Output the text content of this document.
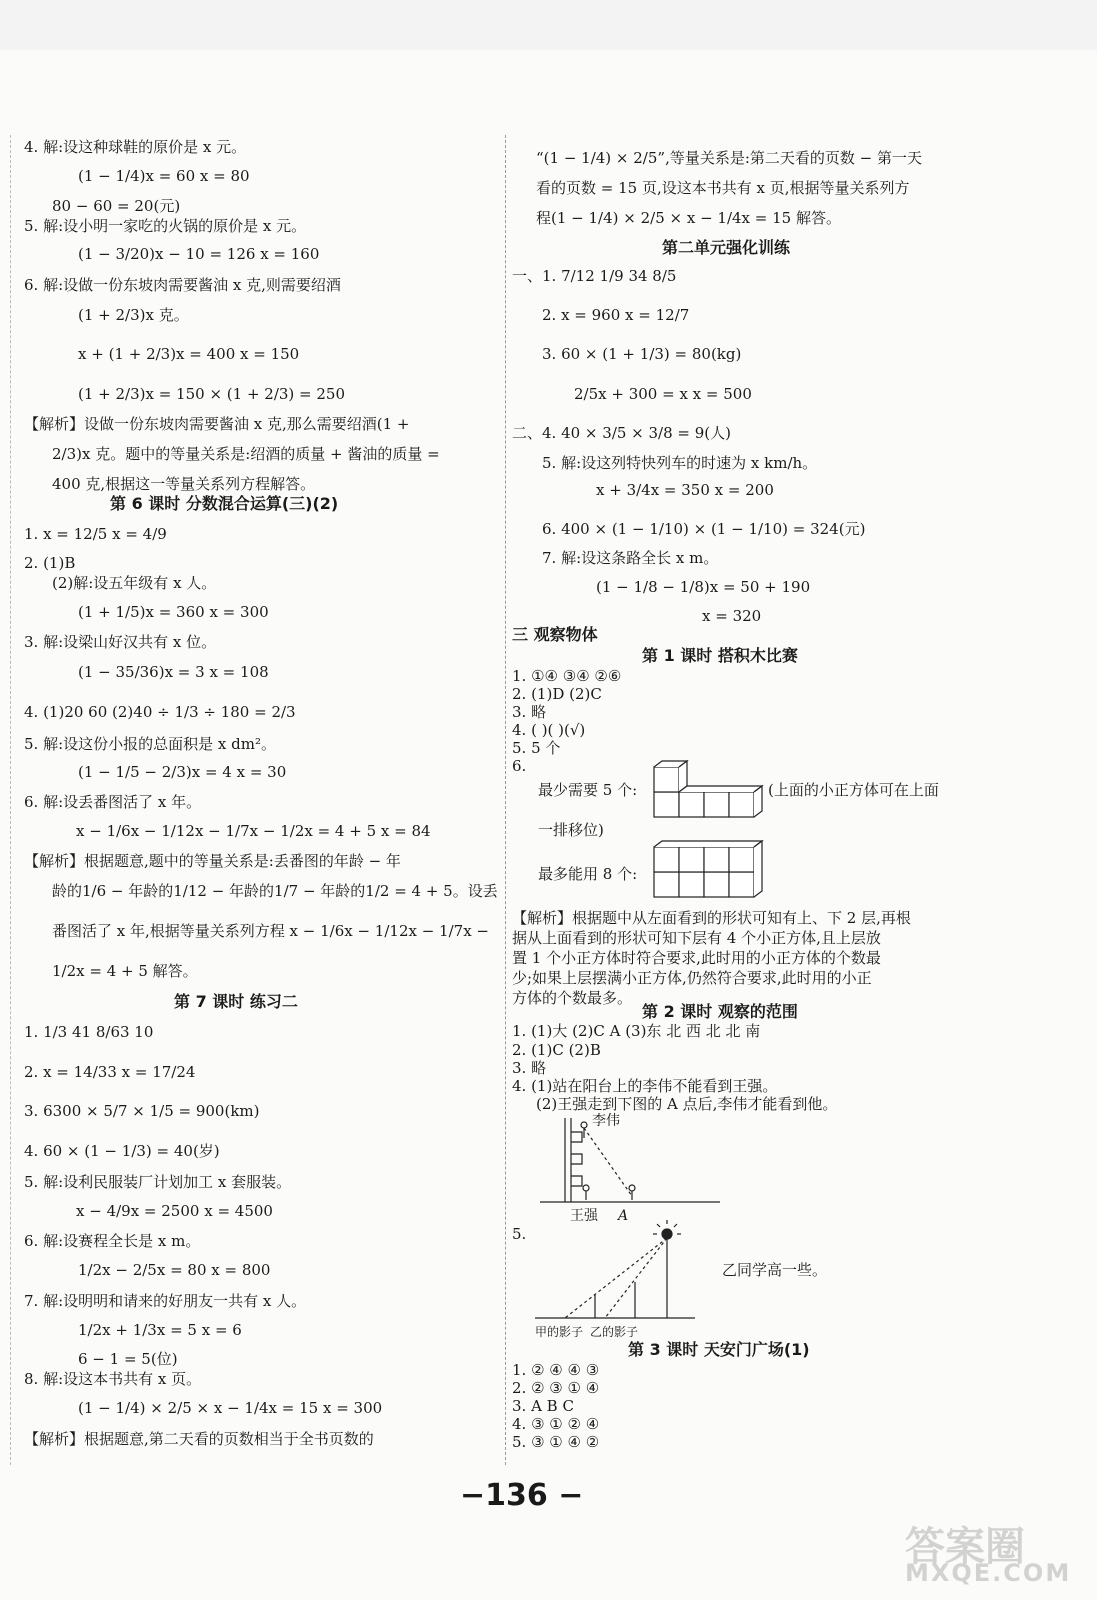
4. 解:设这种球鞋的原价是 x 元。
(1 − 1/4)x = 60 x = 80
80 − 60 = 20(元)
5. 解:设小明一家吃的火锅的原价是 x 元。
(1 − 3/20)x − 10 = 126 x = 160
6. 解:设做一份东坡肉需要酱油 x 克,则需要绍酒
(1 + 2/3)x 克。
x + (1 + 2/3)x = 400 x = 150
(1 + 2/3)x = 150 × (1 + 2/3) = 250
【解析】设做一份东坡肉需要酱油 x 克,那么需要绍酒(1 +
2/3)x 克。题中的等量关系是:绍酒的质量 + 酱油的质量 =
400 克,根据这一等量关系列方程解答。
第 6 课时 分数混合运算(三)(2)
1. x = 12/5 x = 4/9
2. (1)B
(2)解:设五年级有 x 人。
(1 + 1/5)x = 360 x = 300
3. 解:设梁山好汉共有 x 位。
(1 − 35/36)x = 3 x = 108
4. (1)20 60 (2)40 ÷ 1/3 ÷ 180 = 2/3
5. 解:设这份小报的总面积是 x dm²。
(1 − 1/5 − 2/3)x = 4 x = 30
6. 解:设丢番图活了 x 年。
x − 1/6x − 1/12x − 1/7x − 1/2x = 4 + 5 x = 84
【解析】根据题意,题中的等量关系是:丢番图的年龄 − 年
龄的1/6 − 年龄的1/12 − 年龄的1/7 − 年龄的1/2 = 4 + 5。设丢
番图活了 x 年,根据等量关系列方程 x − 1/6x − 1/12x − 1/7x −
1/2x = 4 + 5 解答。
第 7 课时 练习二
1. 1/3 41 8/63 10
2. x = 14/33 x = 17/24
3. 6300 × 5/7 × 1/5 = 900(km)
4. 60 × (1 − 1/3) = 40(岁)
5. 解:设利民服装厂计划加工 x 套服装。
x − 4/9x = 2500 x = 4500
6. 解:设赛程全长是 x m。
1/2x − 2/5x = 80 x = 800
7. 解:设明明和请来的好朋友一共有 x 人。
1/2x + 1/3x = 5 x = 6
6 − 1 = 5(位)
8. 解:设这本书共有 x 页。
(1 − 1/4) × 2/5 × x − 1/4x = 15 x = 300
【解析】根据题意,第二天看的页数相当于全书页数的
“(1 − 1/4) × 2/5”,等量关系是:第二天看的页数 − 第一天
看的页数 = 15 页,设这本书共有 x 页,根据等量关系列方
程(1 − 1/4) × 2/5 × x − 1/4x = 15 解答。
第二单元强化训练
一、1. 7/12 1/9 34 8/5
2. x = 960 x = 12/7
3. 60 × (1 + 1/3) = 80(kg)
2/5x + 300 = x x = 500
二、4. 40 × 3/5 × 3/8 = 9(人)
5. 解:设这列特快列车的时速为 x km/h。
x + 3/4x = 350 x = 200
6. 400 × (1 − 1/10) × (1 − 1/10) = 324(元)
7. 解:设这条路全长 x m。
(1 − 1/8 − 1/8)x = 50 + 190
x = 320
三 观察物体
第 1 课时 搭积木比赛
1. ①④ ③④ ②⑥
2. (1)D (2)C
3. 略
4. ( )( )(√)
5. 5 个
6.
最少需要 5 个:	(上面的小正方体可在上面
一排移位)
最多能用 8 个:
【解析】根据题中从左面看到的形状可知有上、下 2 层,再根
据从上面看到的形状可知下层有 4 个小正方体,且上层放
置 1 个小正方体时符合要求,此时用的小正方体的个数最
少;如果上层摆满小正方体,仍然符合要求,此时用的小正
方体的个数最多。
第 2 课时 观察的范围
1. (1)大 (2)C A (3)东 北 西 北 北 南
2. (1)C (2)B
3. 略
4. (1)站在阳台上的李伟不能看到王强。
(2)王强走到下图的 A 点后,李伟才能看到他。
5.
乙同学高一些。
第 3 课时 天安门广场(1)
1. ② ④ ④ ③
2. ② ③ ① ④
3. A B C
4. ③ ① ② ④
5. ③ ① ④ ②
李伟
王强 A
甲的影子 乙的影子
−136 −
答案圈
MXQE.COM
